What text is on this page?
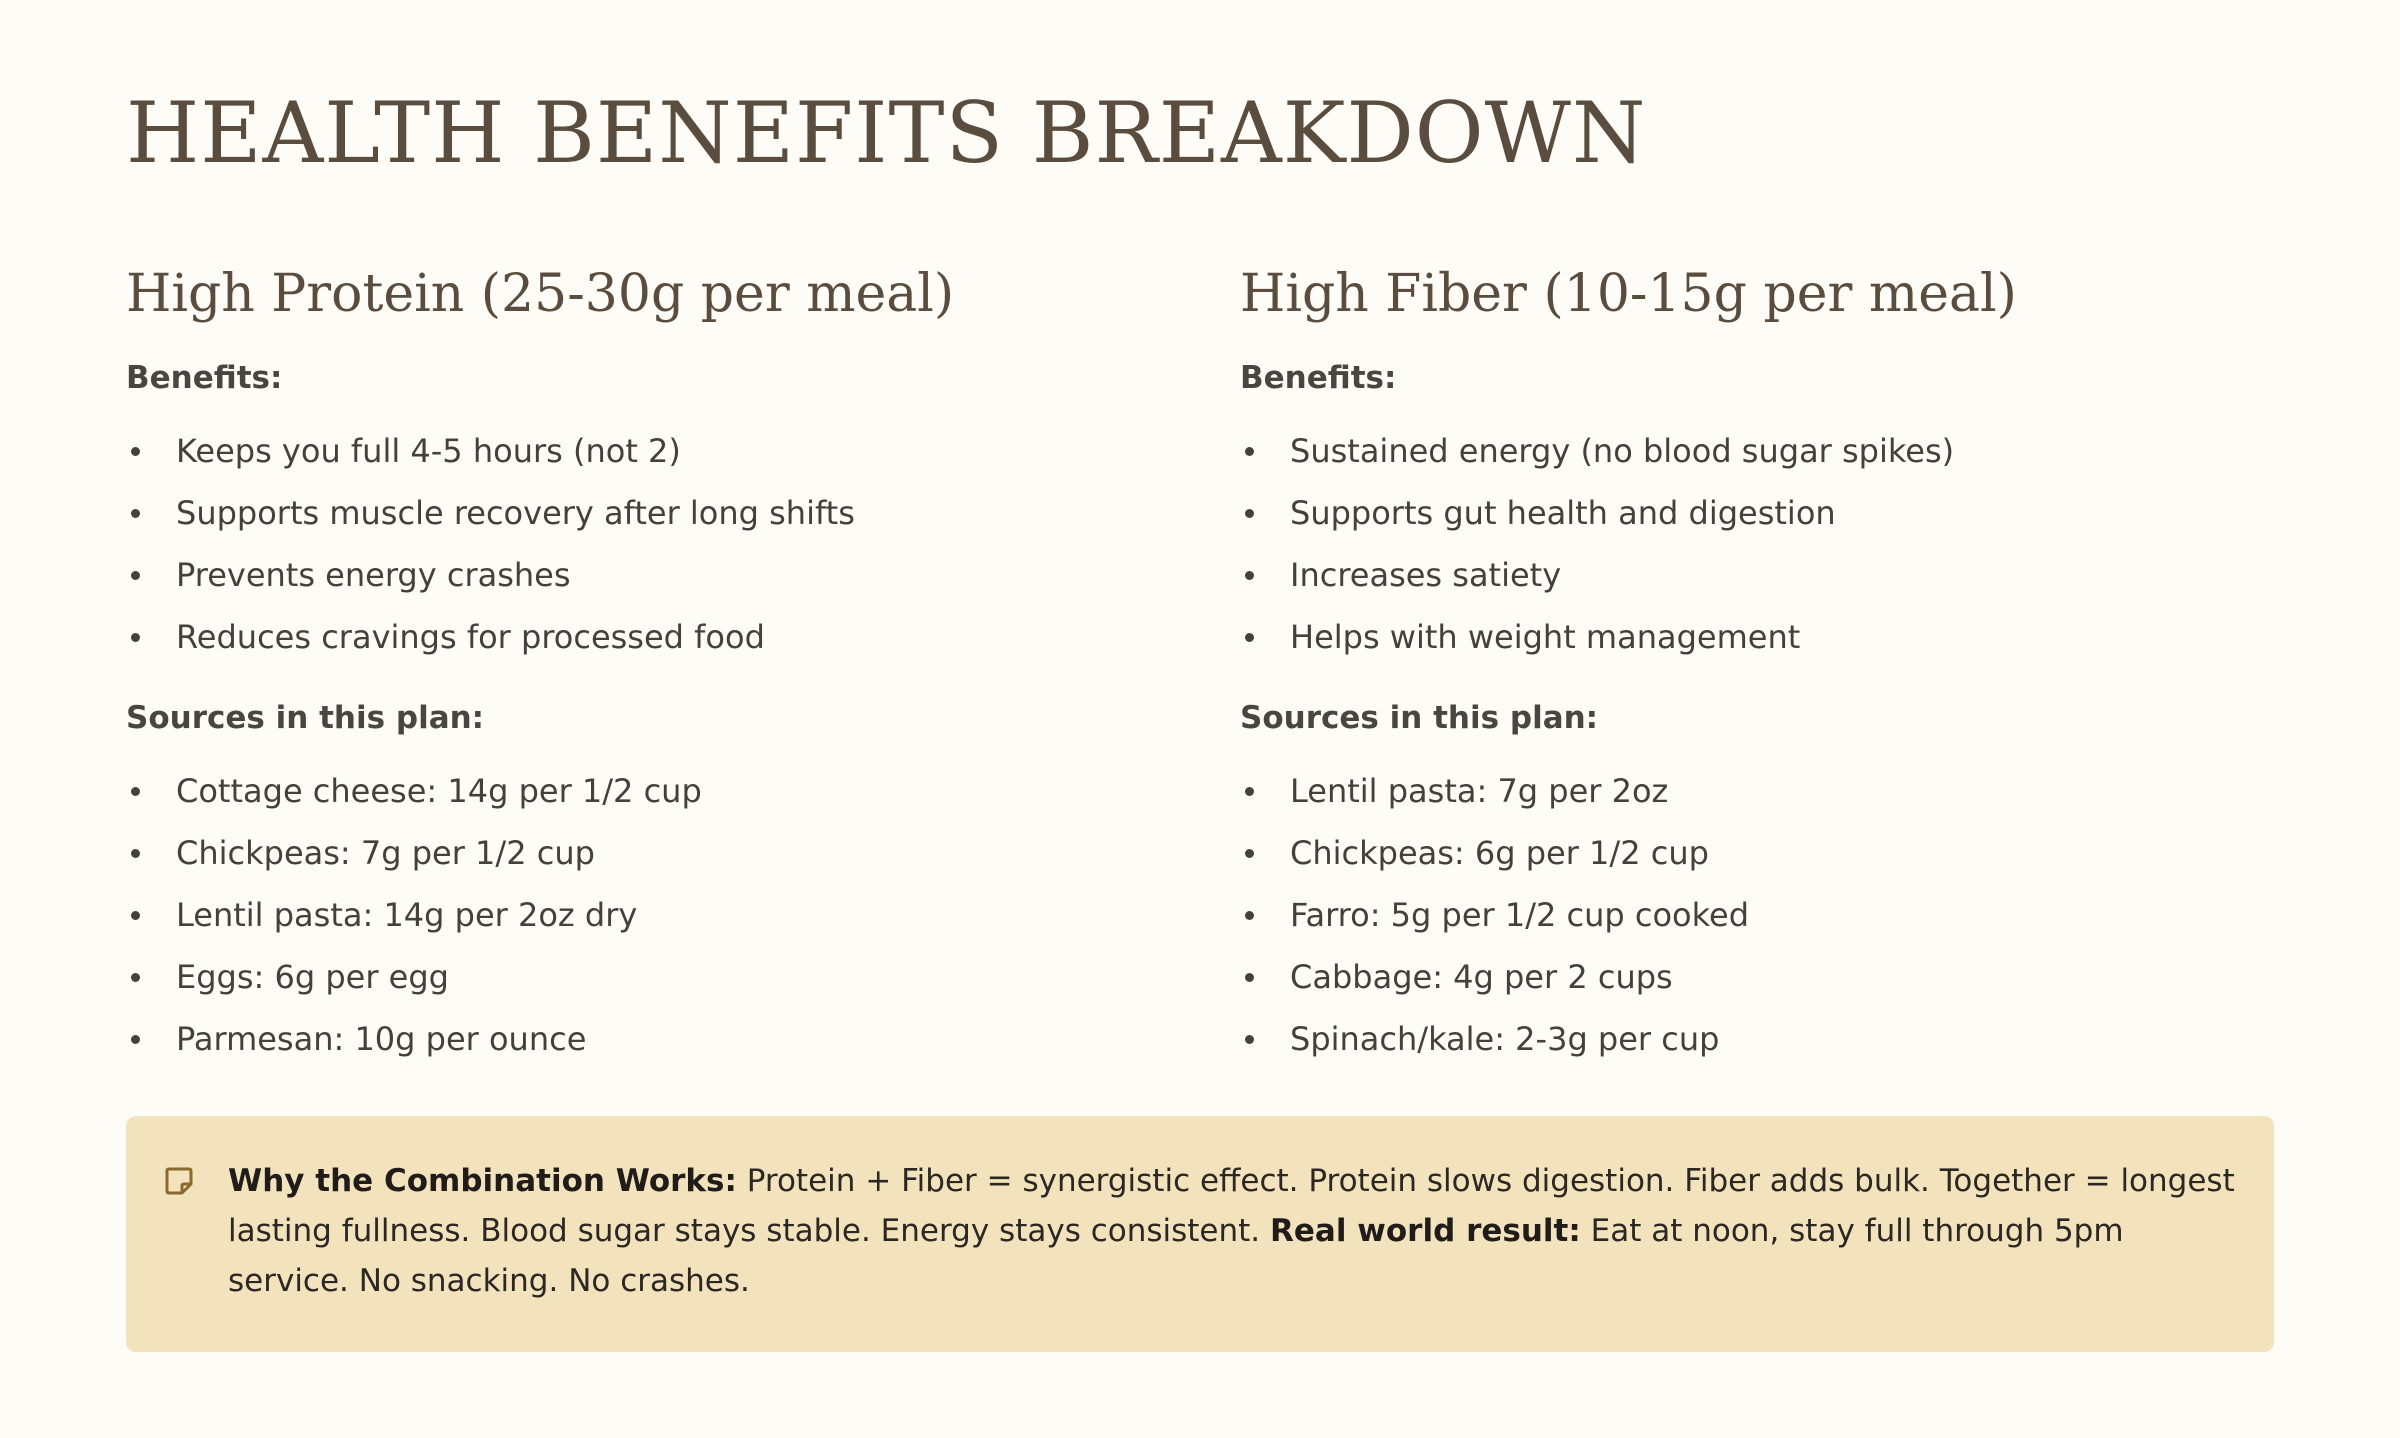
HEALTH BENEFITS BREAKDOWN
High Protein (25-30g per meal)

Benefits:

Keeps you full 4-5 hours (not 2)
Supports muscle recovery after long shifts
Prevents energy crashes
Reduces cravings for processed food

Sources in this plan:

Cottage cheese: 14g per 1/2 cup
Chickpeas: 7g per 1/2 cup
Lentil pasta: 14g per 2oz dry
Eggs: 6g per egg
Parmesan: 10g per ounce
High Fiber (10-15g per meal)

Benefits:

Sustained energy (no blood sugar spikes)
Supports gut health and digestion
Increases satiety
Helps with weight management

Sources in this plan:

Lentil pasta: 7g per 2oz
Chickpeas: 6g per 1/2 cup
Farro: 5g per 1/2 cup cooked
Cabbage: 4g per 2 cups
Spinach/kale: 2-3g per cup

Why the Combination Works: Protein + Fiber = synergistic effect. Protein slows digestion. Fiber adds bulk. Together = longest lasting fullness. Blood sugar stays stable. Energy stays consistent. Real world result: Eat at noon, stay full through 5pm service. No snacking. No crashes.
